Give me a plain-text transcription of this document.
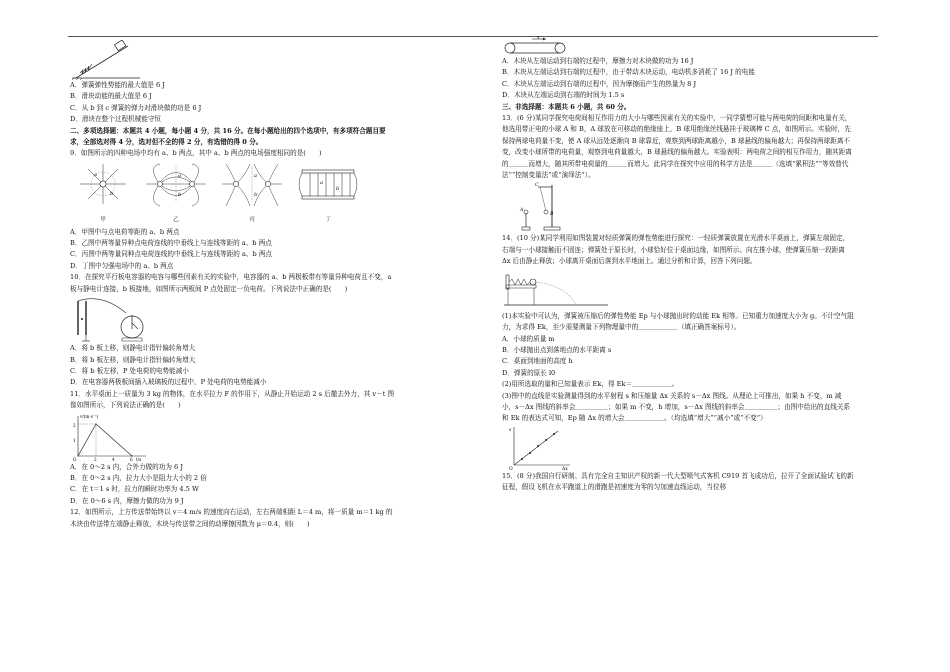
A．弹簧弹性势能的最大值是 6 J

B．滑块动能的最大值是 6 J

C．从 b 到 c 弹簧的弹力对滑块做的功是 6 J

D．滑块在整个过程机械能守恒

二、多项选择题：本题共 4 小题，每小题 4 分，共 16 分。在每小题给出的四个选项中，有多项符合题目要求，全部选对得 4 分，选对但不全的得 2 分，有选错的得 0 分。

9．如图所示的四种电场中均有 a、b 两点，其中 a、b 两点的电场强度相同的是(　　)

a
b
甲
a
b
乙
a
b
丙
a
b
丁

A．甲图中与点电荷等距的 a、b 两点

B．乙图中两等量异种点电荷连线的中垂线上与连线等距的 a、b 两点

C．丙图中两等量同种点电荷连线的中垂线上与连线等距的 a、b 两点

D．丁图中匀强电场中的 a、b 两点

10．在探究平行板电容器的电容与哪些因素有关的实验中，电容器的 a、b 两极板带有等量异种电荷且不变，a 板与静电计连接，b 板接地，如图所示两板间 P 点处固定一负电荷。下列说法中正确的是(　　)

A．将 b 板上移，则静电计指针偏转角增大

B．将 b 板左移，则静电计指针偏转角增大

C．将 b 板左移，P 处电荷的电势能减小

D．在电容器两极板间插入玻璃板的过程中，P 处电荷的电势能减小

11．水平桌面上一质量为 3 kg 的物体，在水平拉力 F 的作用下，从静止开始运动 2 s 后撤去外力，其 v－t 图像如图所示，下列说法正确的是(　　)

v/(m·s⁻¹)
t/s
2
1
O	2	4	6

A．在 0～2 s 内，合外力做的功为 6 J

B．在 0～2 s 内，拉力大小是阻力大小的 2 倍

C．在 t＝1 s 时，拉力的瞬时功率为 4.5 W

D．在 0～6 s 内，摩擦力做的功为 9 J

12．如图所示，上方传送带始终以 v＝4 m/s 的速度向右运动，左右两端相距 L＝4 m，将一质量 m＝1 kg 的木块由传送带左端静止释放，木块与传送带之间的动摩擦因数为 μ＝0.4，则(　　)

v

A．木块从左端运动到右端的过程中，摩擦力对木块做的功为 16 J

B．木块从左端运动到右端的过程中，由于带动木块运动，电动机多消耗了 16 J 的电能

C．木块从左端运动到右端的过程中，因为摩擦而产生的热量为 8 J

D．木块从左端运动到右端的时间为 1.5 s

三、非选择题：本题共 6 小题，共 60 分。

13．(6 分)某同学探究电荷间相互作用力的大小与哪些因素有关的实验中，一同学猜想可能与两电荷的间距和电量有关，他选用带正电的小球 A 和 B，A 球放在可移动的绝缘座上，B 球用绝缘丝线悬挂于玻璃棒 C 点，如图所示。实验时，先保持两球电荷量不变，使 A 球从远处逐渐向 B 球靠近，观察到两球距离越小，B 球悬线的偏角越大；再保持两球距离不变，改变小球所带的电荷量，观察到电荷量越大，B 球悬线的偏角越大。实验表明：两电荷之间的相互作用力，随其距离的＿＿＿而增大，随其所带电荷量的＿＿＿而增大。此同学在探究中应用的科学方法是＿＿＿（选填“累积法”“等效替代法”“控制变量法”或“演绎法”）。

C
B
A

14．(10 分)某同学利用如图装置对轻质弹簧的弹性势能进行探究：一轻质弹簧放置在光滑水平桌面上，弹簧左端固定，右端与一小球接触而不固连；弹簧处于原长时，小球恰好位于桌面边缘，如图所示。向左推小球，使弹簧压缩一段距离 Δx 后由静止释放；小球离开桌面后落到水平地面上。通过分析和计算，回答下列问题。

(1)本实验中可认为，弹簧被压缩后的弹性势能 Ep 与小球抛出时的动能 Ek 相等。已知重力加速度大小为 g。不计空气阻力，为求得 Ek，至少需要测量下列物理量中的＿＿＿＿＿＿（填正确答案标号）。

A．小球的质量 m

B．小球抛出点到落地点的水平距离 s

C．桌面到地面的高度 h

D．弹簧的原长 l0

(2)用所选取的量和已知量表示 Ek，得 Ek＝＿＿＿＿＿＿。

(3)图中的直线是实验测量得到的水平射程 s 和压缩量 Δx 关系的 s－Δx 图线。从理论上可推出，如果 h 不变，m 减小，s－Δx 图线的斜率会＿＿＿＿＿；如果 m 不变，h 增加，s－Δx 图线的斜率会＿＿＿＿＿；由图中给出的直线关系和 Ek 的表达式可知，Ep 随 Δx 的增大会＿＿＿＿＿＿。（均选填“增大”“减小”或“不变”）

s
Δx
O

15．(8 分)我国自行研制、具有完全自主知识产权的新一代大型喷气式客机 C919 首飞成功后，拉开了全面试验试飞的新征程，假设飞机在水平跑道上的滑跑是初速度为零的匀加速直线运动，当位移
